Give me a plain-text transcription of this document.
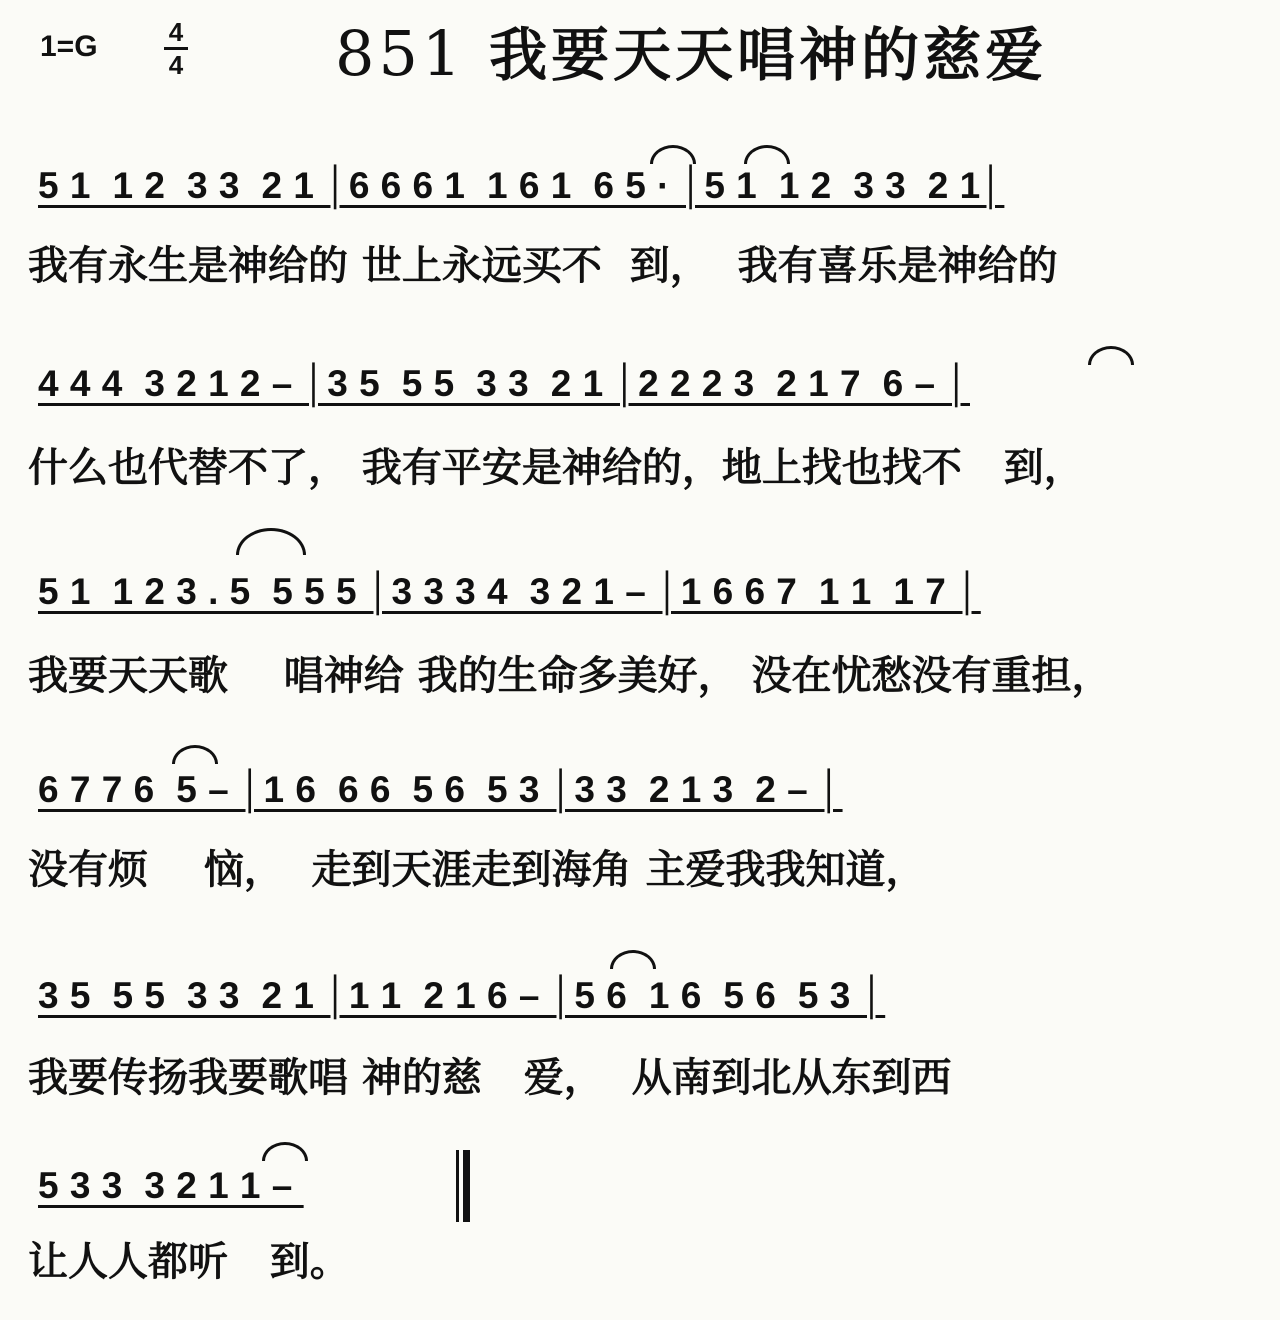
1=G	4
4 851 我要天天唱神的慈爱
5 1  1 2  3 3  2 1 │6 6 6 1  1 6 1  6 5 · │5 1  1 2  3 3  2 1│
我有永生是神给的 世上永远买不  到，  我有喜乐是神给的
4 4 4  3 2 1 2 – │3 5  5 5  3 3  2 1 │2 2 2 3  2 1 7  6 – │
什么也代替不了， 我有平安是神给的，地上找也找不   到，
5 1  1 2 3 . 5  5 5 5 │3 3 3 4  3 2 1 – │1 6 6 7  1 1  1 7 │
我要天天歌    唱神给 我的生命多美好， 没在忧愁没有重担，
6 7 7 6  5 – │1 6  6 6  5 6  5 3 │3 3  2 1 3  2 – │
没有烦    恼，  走到天涯走到海角 主爱我我知道，
3 5  5 5  3 3  2 1 │1 1  2 1 6 – │5 6  1 6  5 6  5 3 │
我要传扬我要歌唱 神的慈   爱，  从南到北从东到西
5 3 3  3 2 1 1 –
让人人都听   到。
